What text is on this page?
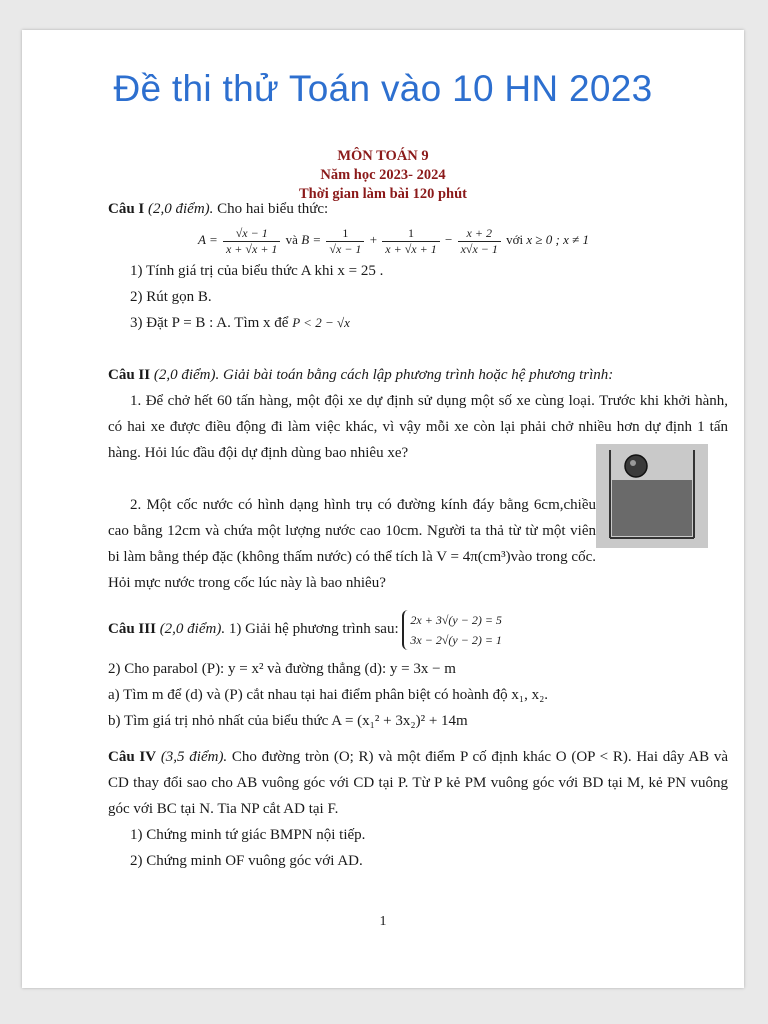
Đề thi thử Toán vào 10 HN 2023
MÔN TOÁN 9
Năm học 2023- 2024
Thời gian làm bài 120 phút
Câu I (2,0 điểm). Cho hai biểu thức:
$A = \frac{√x - 1}{x + √x + 1}$ và $B = \frac{1}{√x - 1} + \frac{1}{x + √x + 1} - \frac{x + 2}{x√x - 1}$ với x ≥ 0 ; x ≠ 1
1) Tính giá trị của biểu thức A khi x = 25 .
2) Rút gọn B.
3) Đặt P = B : A. Tìm x để P < 2 − √x
Câu II (2,0 điểm). Giải bài toán bằng cách lập phương trình hoặc hệ phương trình:
1. Để chở hết 60 tấn hàng, một đội xe dự định sử dụng một số xe cùng loại. Trước khi khởi hành, có hai xe được điều động đi làm việc khác, vì vậy mỗi xe còn lại phải chở nhiều hơn dự định 1 tấn hàng. Hỏi lúc đầu đội dự định dùng bao nhiêu xe?
2. Một cốc nước có hình dạng hình trụ có đường kính đáy bằng 6cm,chiều cao bằng 12cm và chứa một lượng nước cao 10cm. Người ta thả từ từ một viên bi làm bằng thép đặc (không thấm nước) có thể tích là V = 4π(cm³)vào trong cốc. Hỏi mực nước trong cốc lúc này là bao nhiêu?
Câu III (2,0 điểm). 1) Giải hệ phương trình sau:
2x + 3√(y − 2) = 5
3x − 2√(y − 2) = 1
2) Cho parabol (P): y = x² và đường thẳng (d): y = 3x − m
a) Tìm m để (d) và (P) cắt nhau tại hai điểm phân biệt có hoành độ x₁, x₂.
b) Tìm giá trị nhỏ nhất của biểu thức A = (x₁² + 3x₂)² + 14m
Câu IV (3,5 điểm). Cho đường tròn (O; R) và một điểm P cố định khác O (OP < R). Hai dây AB và CD thay đổi sao cho AB vuông góc với CD tại P. Từ P kẻ PM vuông góc với BD tại M, kẻ PN vuông góc với BC tại N. Tia NP cắt AD tại F.
1) Chứng minh tứ giác BMPN nội tiếp.
2) Chứng minh OF vuông góc với AD.
1
